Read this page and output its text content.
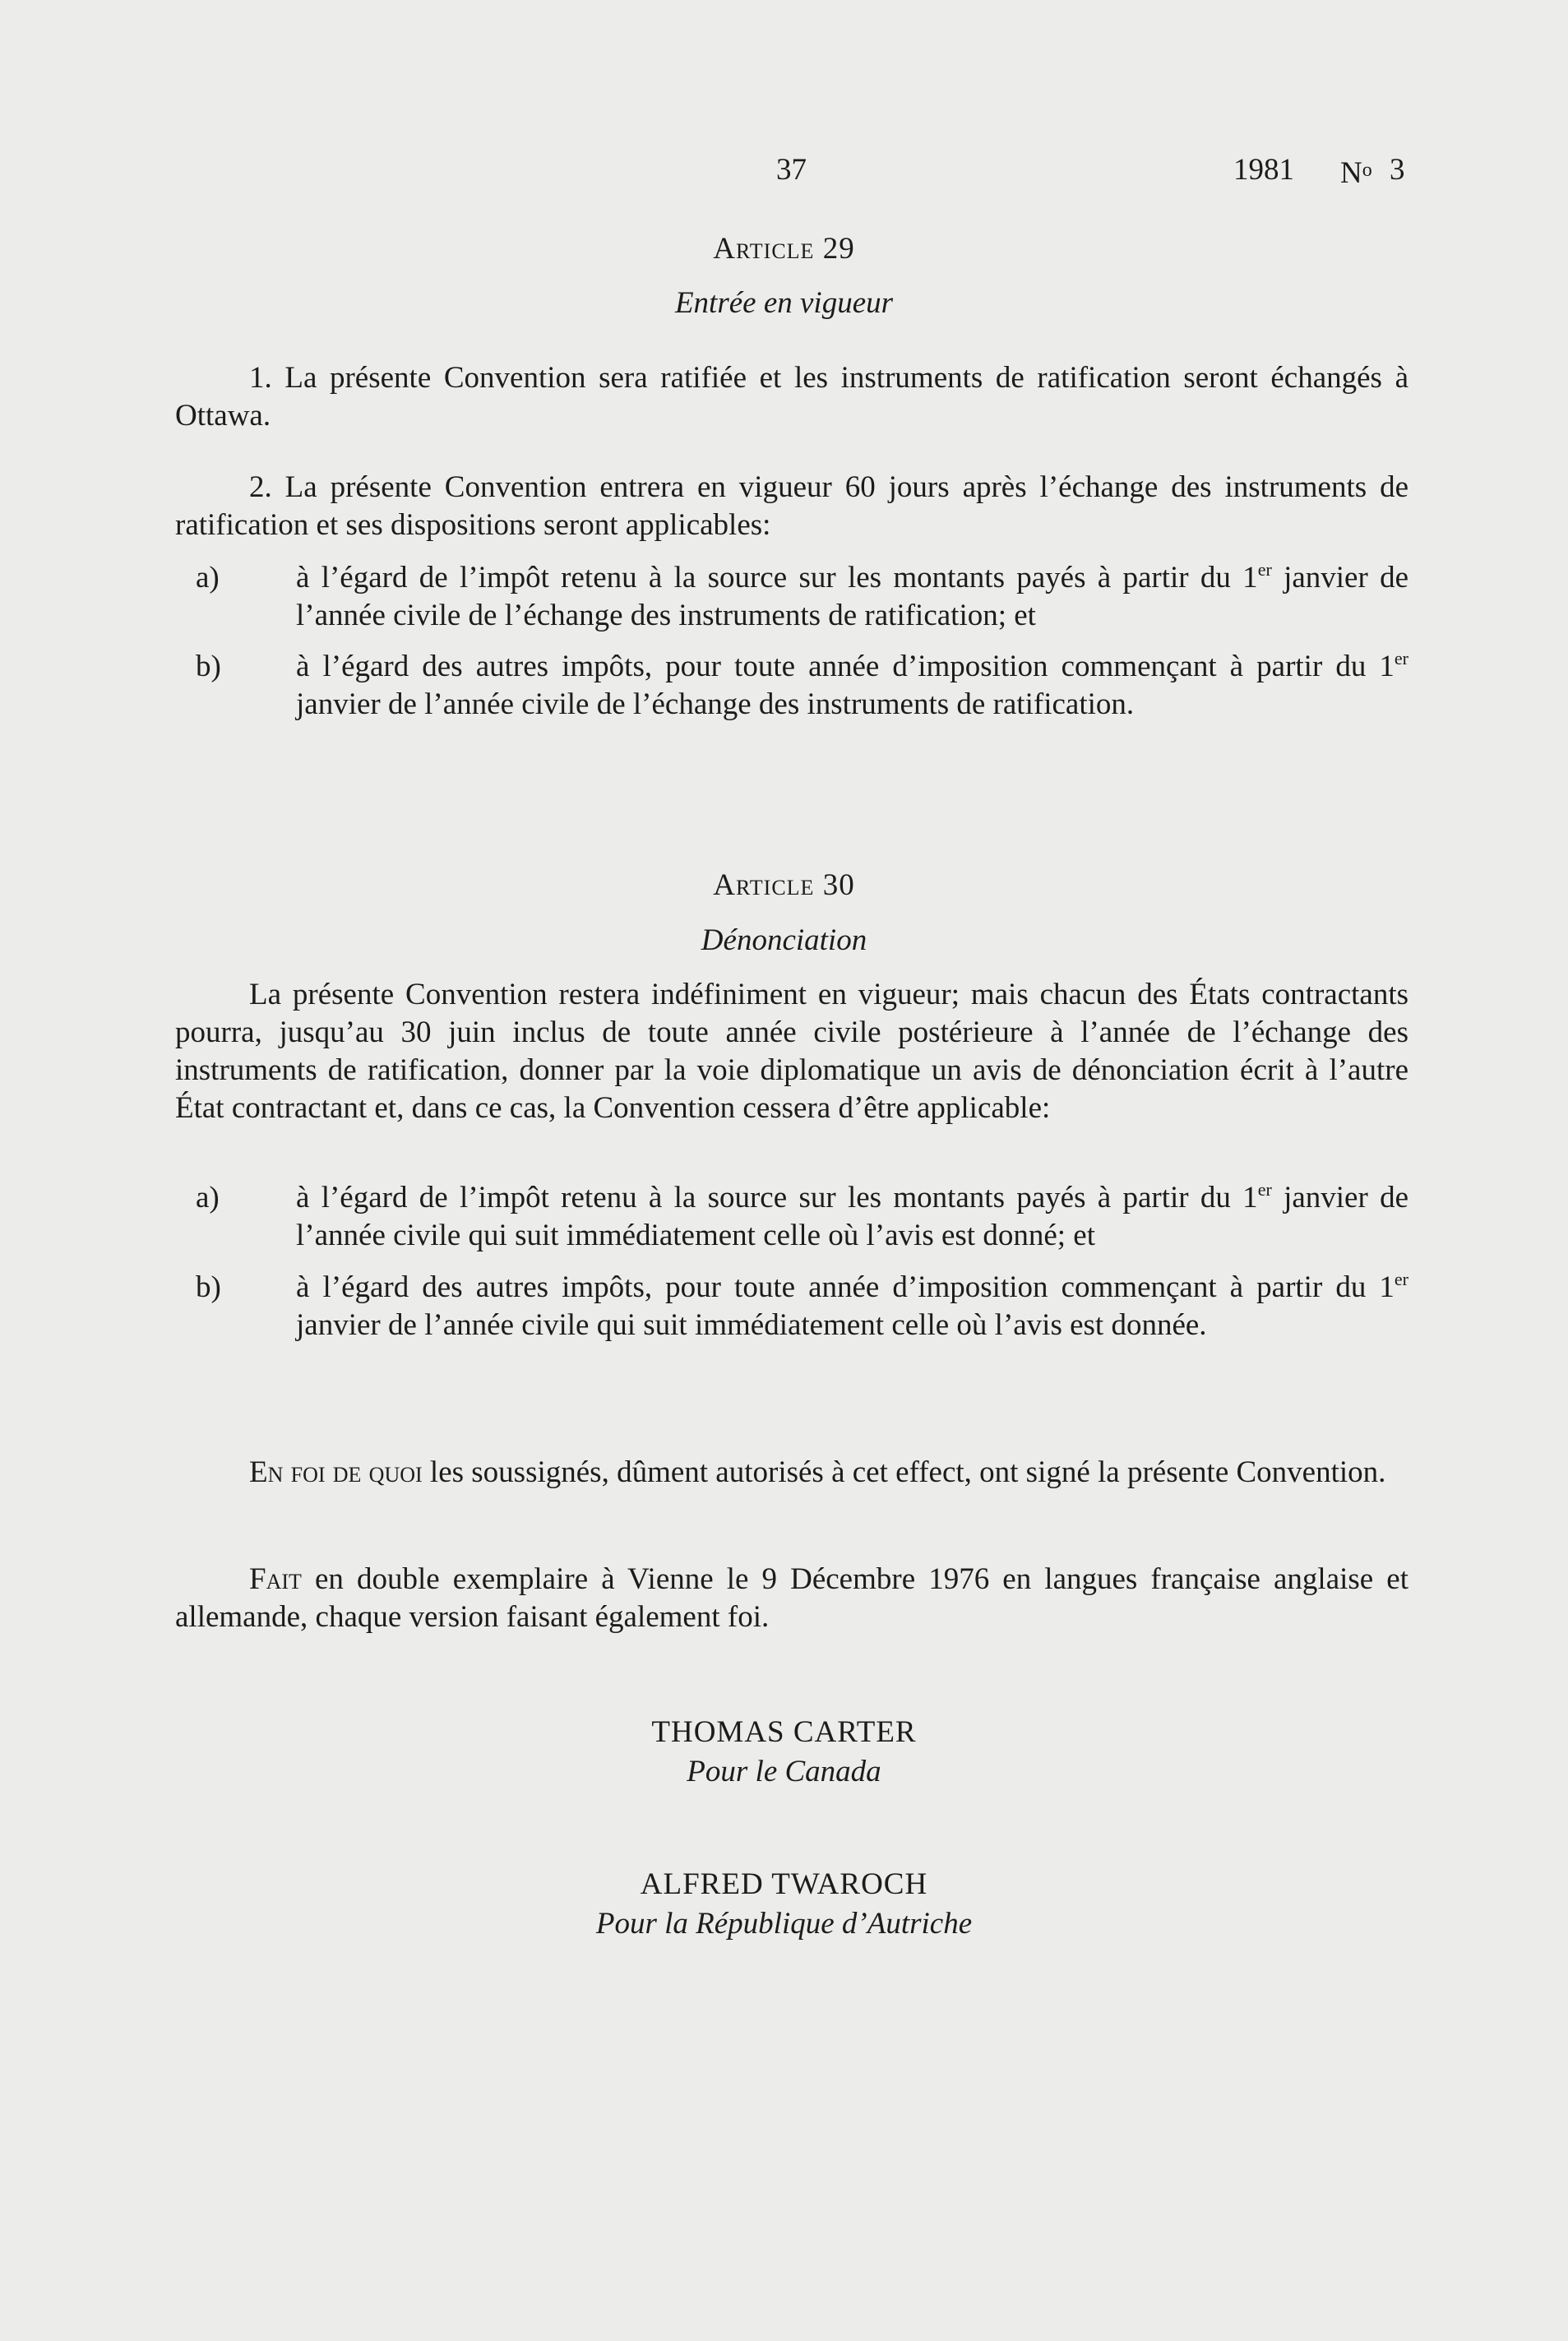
37	1981 $N^o$ 3
Article 29
Entrée en vigueur

1. La présente Convention sera ratifiée et les instruments de ratification seront échangés à Ottawa.

2. La présente Convention entrera en vigueur 60 jours après l’échange des instruments de ratification et ses dispositions seront applicables:

a)	à l’égard de l’impôt retenu à la source sur les montants payés à partir du 1er janvier de l’année civile de l’échange des instruments de ratification; et
b)	à l’égard des autres impôts, pour toute année d’imposition commençant à partir du 1er janvier de l’année civile de l’échange des instruments de ratification.
Article 30
Dénonciation

La présente Convention restera indéfiniment en vigueur; mais chacun des États contractants pourra, jusqu’au 30 juin inclus de toute année civile postérieure à l’année de l’échange des instruments de ratification, donner par la voie diplomatique un avis de dénonciation écrit à l’autre État contractant et, dans ce cas, la Convention cessera d’être applicable:

a)	à l’égard de l’impôt retenu à la source sur les montants payés à partir du 1er janvier de l’année civile qui suit immédiatement celle où l’avis est donné; et
b)	à l’égard des autres impôts, pour toute année d’imposition commençant à partir du 1er janvier de l’année civile qui suit immédiatement celle où l’avis est donnée.

En foi de quoi les soussignés, dûment autorisés à cet effect, ont signé la présente Convention.

Fait en double exemplaire à Vienne le 9 Décembre 1976 en langues française anglaise et allemande, chaque version faisant également foi.

THOMAS CARTER
Pour le Canada
ALFRED TWAROCH
Pour la République d’Autriche
